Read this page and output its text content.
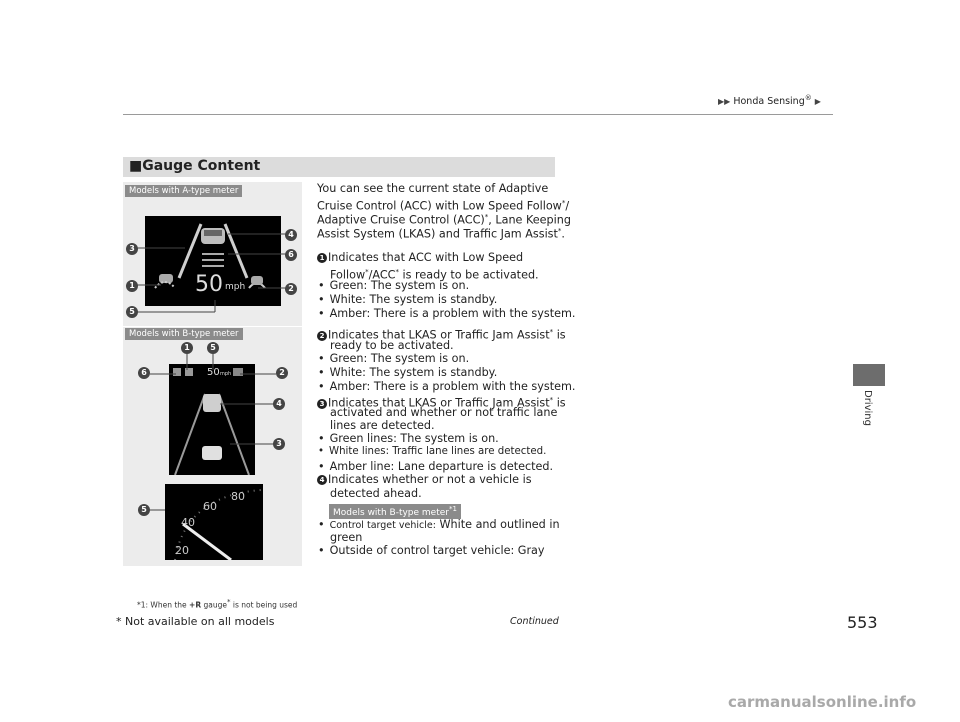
▶▶ Honda Sensing® ▶
Driving
■Gauge Content
Models with A-type meter
Models with B-type meter
50 mph
3
1
5
4
6
2
50 mph
1	5
6	2
4
3
5
80
60
40
20
You can see the current state of Adaptive
Cruise Control (ACC) with Low Speed Follow*/
Adaptive Cruise Control (ACC)*, Lane Keeping
Assist System (LKAS) and Traffic Jam Assist*.
1 Indicates that ACC with Low Speed
Follow*/ACC* is ready to be activated.
• Green: The system is on.
• White: The system is standby.
• Amber: There is a problem with the system.
2 Indicates that LKAS or Traffic Jam Assist* is
ready to be activated.
• Green: The system is on.
• White: The system is standby.
• Amber: There is a problem with the system.
3 Indicates that LKAS or Traffic Jam Assist* is
activated and whether or not traffic lane
lines are detected.
• Green lines: The system is on.
• White lines: Traffic lane lines are detected.
• Amber line: Lane departure is detected.
4 Indicates whether or not a vehicle is
detected ahead.
Models with B-type meter$^{*1}$
• Control target vehicle: White and outlined in
green
• Outside of control target vehicle: Gray
*1: When the +R gauge* is not being used
* Not available on all models	Continued	553
carmanualsonline.info
